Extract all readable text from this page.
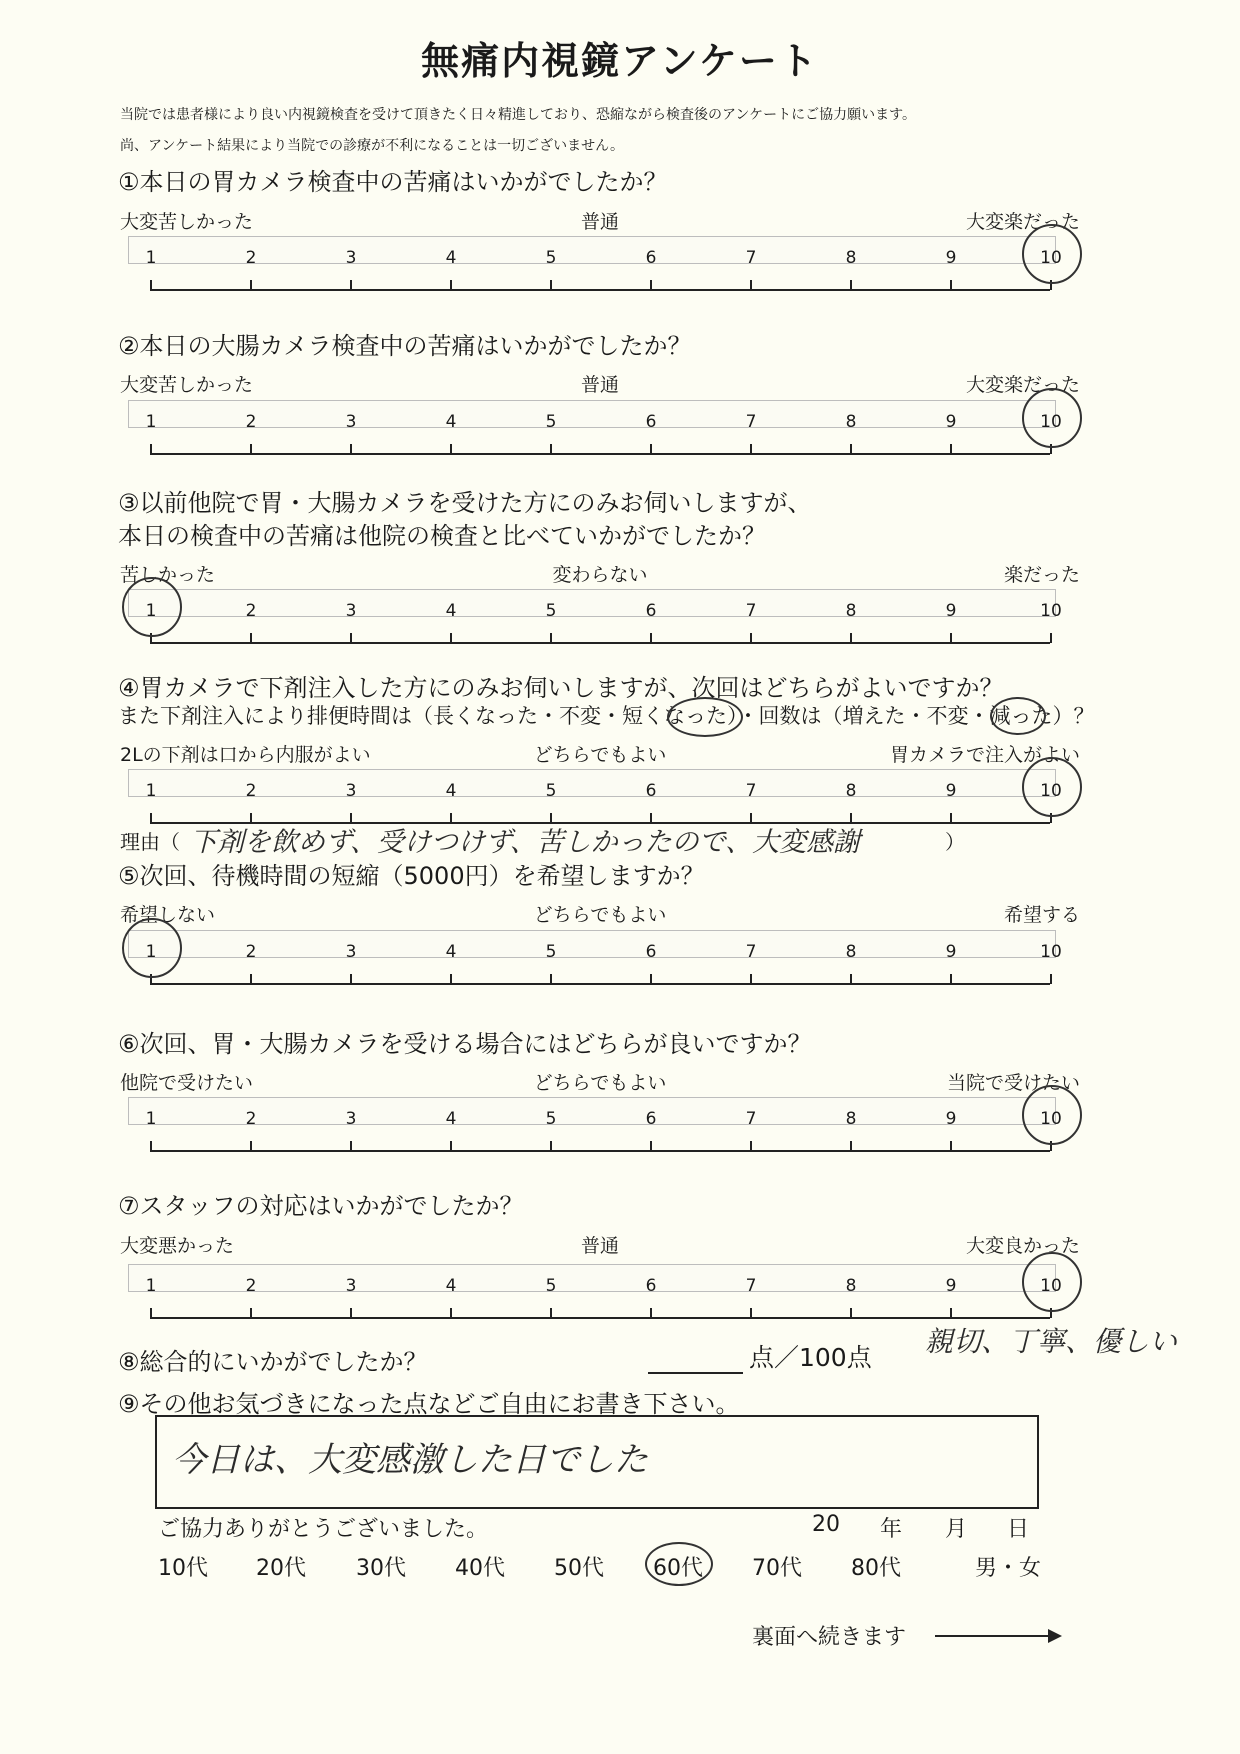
無痛内視鏡アンケート
当院では患者様により良い内視鏡検査を受けて頂きたく日々精進しており、恐縮ながら検査後のアンケートにご協力願います。
尚、アンケート結果により当院での診療が不利になることは一切ございません。
①本日の胃カメラ検査中の苦痛はいかがでしたか？
大変苦しかった	普通	大変楽だった
1	2	3	4	5	6	7	8	9	10
②本日の大腸カメラ検査中の苦痛はいかがでしたか？
大変苦しかった	普通	大変楽だった
1	2	3	4	5	6	7	8	9	10
③以前他院で胃・大腸カメラを受けた方にのみお伺いしますが、
本日の検査中の苦痛は他院の検査と比べていかがでしたか？
苦しかった	変わらない	楽だった
1	2	3	4	5	6	7	8	9	10
④胃カメラで下剤注入した方にのみお伺いしますが、次回はどちらがよいですか？
また下剤注入により排便時間は（長くなった・不変・短くなった）・回数は（増えた・不変・減った）？
2Lの下剤は口から内服がよい	どちらでもよい	胃カメラで注入がよい
1	2	3	4	5	6	7	8	9	10
理由（ 下剤を飲めず、受けつけず、苦しかったので、大変感謝	）
⑤次回、待機時間の短縮（5000円）を希望しますか？
希望しない	どちらでもよい	希望する
1	2	3	4	5	6	7	8	9	10
⑥次回、胃・大腸カメラを受ける場合にはどちらが良いですか？
他院で受けたい	どちらでもよい	当院で受けたい
1	2	3	4	5	6	7	8	9	10
⑦スタッフの対応はいかがでしたか？
大変悪かった	普通	大変良かった
1	2	3	4	5	6	7	8	9	10
⑧総合的にいかがでしたか？	点／100点 親切、丁寧、優しい
⑨その他お気づきになった点などご自由にお書き下さい。
今日は、大変感激した日でした
ご協力ありがとうございました。	20 年 月 日
10代 20代 30代 40代 50代 60代 70代 80代	男・女
裏面へ続きます
